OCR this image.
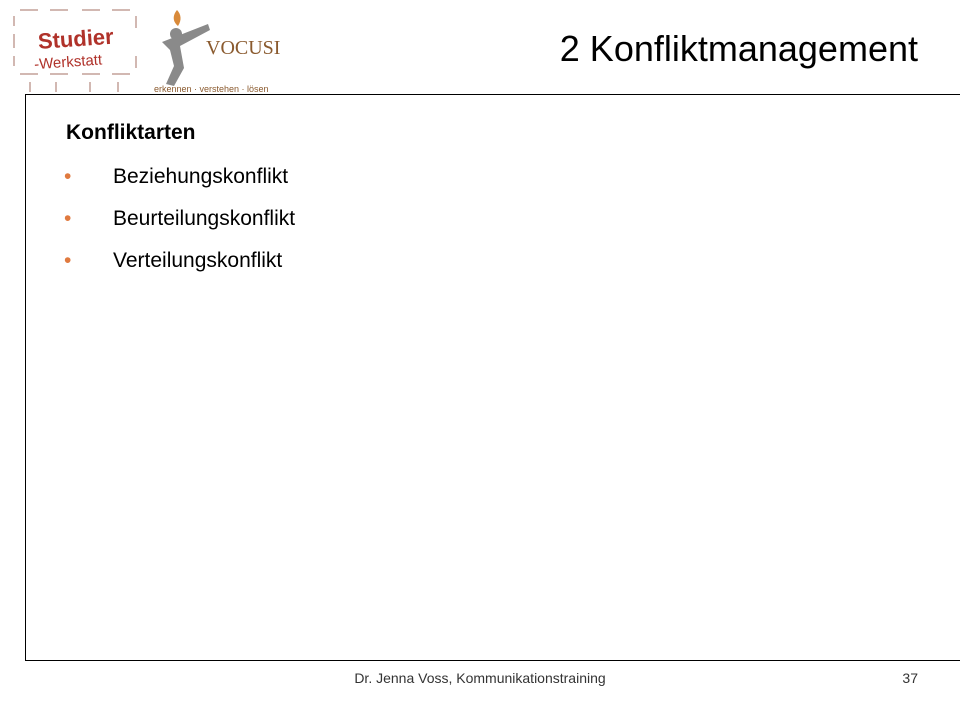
Studier
-Werkstatt
VOCUSI
erkennen · verstehen · lösen
2 Konfliktmanagement
Konfliktarten
• Beziehungskonflikt
• Beurteilungskonflikt
• Verteilungskonflikt
Dr. Jenna Voss, Kommunikationstraining	37
